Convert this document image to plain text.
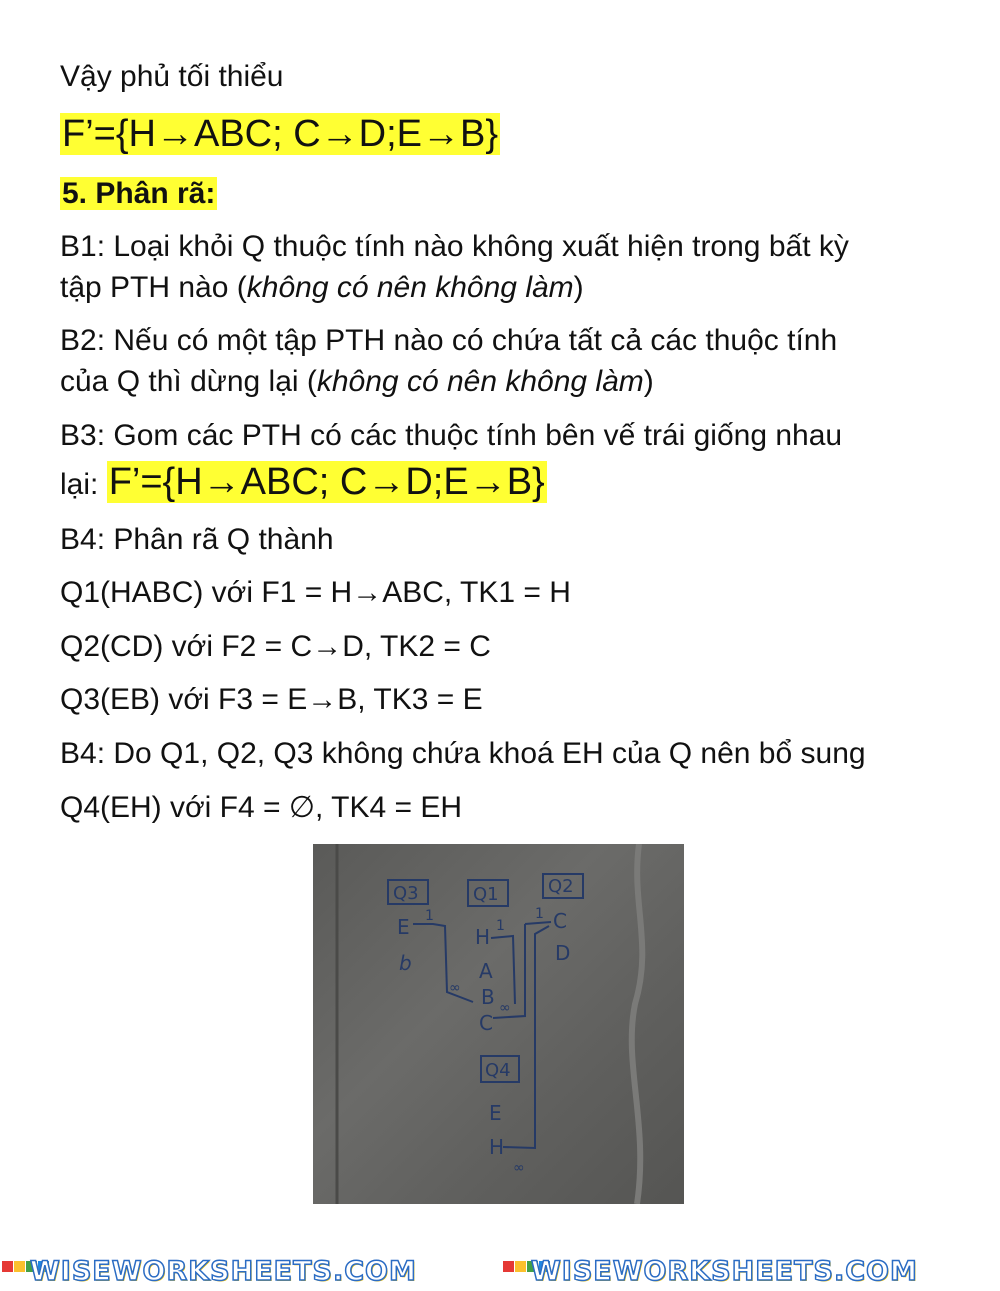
Vậy phủ tối thiểu
F’={H→ABC; C→D;E→B}
5. Phân rã:
B1: Loại khỏi Q thuộc tính nào không xuất hiện trong bất kỳ
tập PTH nào (không có nên không làm)
B2: Nếu có một tập PTH nào có chứa tất cả các thuộc tính
của Q thì dừng lại (không có nên không làm)
B3: Gom các PTH có các thuộc tính bên vế trái giống nhau
lại: F’={H→ABC; C→D;E→B}
B4: Phân rã Q thành
Q1(HABC) với F1 = H→ABC, TK1 = H
Q2(CD) với F2 = C→D, TK2 = C
Q3(EB) với F3 = E→B, TK3 = E
B4: Do Q1, Q2, Q3 không chứa khoá EH của Q nên bổ sung
Q4(EH) với F4 = ∅, TK4 = EH
Q3
E
b
1
Q1
H
A
B
C
1
Q2
C
D
1
Q4
E
H
∞
∞
∞
WISEWORKSHEETS.COM	WISEWORKSHEETS.COM
